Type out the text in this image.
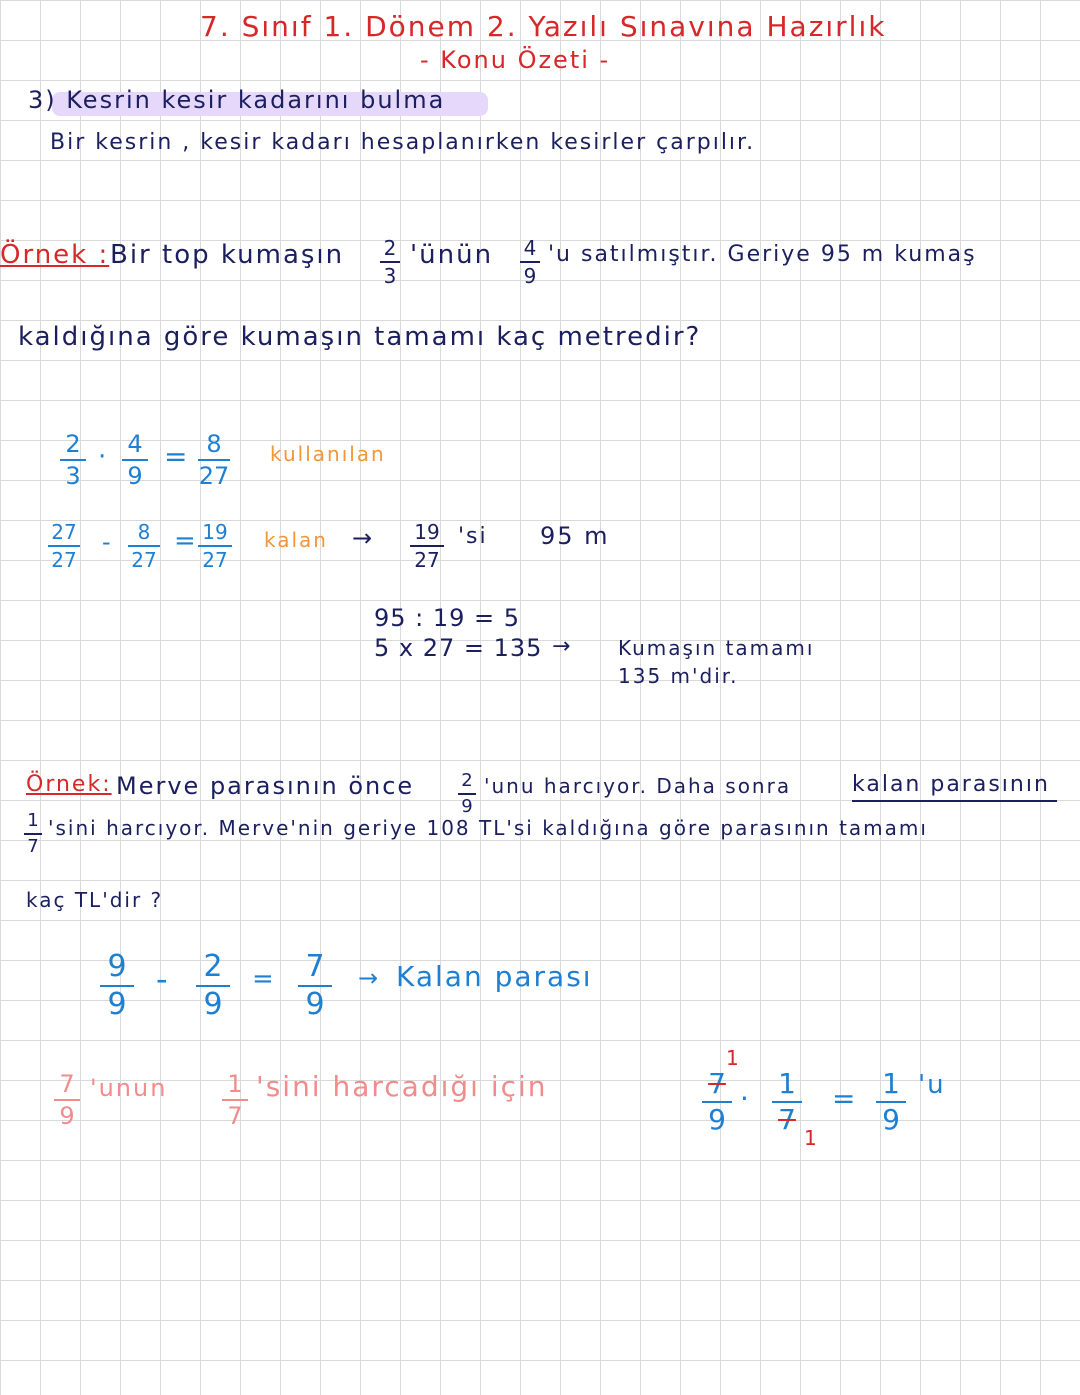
7. Sınıf 1. Dönem 2. Yazılı Sınavına Hazırlık
- Konu Özeti -
3) Kesrin kesir kadarını bulma
Bir kesrin , kesir kadarı hesaplanırken kesirler çarpılır.
Örnek : Bir top kumaşın 2
3
'ünün 4
9
'u satılmıştır. Geriye 95 m kumaş
kaldığına göre kumaşın tamamı kaç metredir?
2
3
· 4
9
= 8
27
kullanılan
27
27
- 8
27
= 19
27
kalan → 19
27
'si 95 m
95 : 19 = 5
5 x 27 = 135 → Kumaşın tamamı
135 m'dir.
Örnek: Merve parasının önce	2
9
'unu harcıyor. Daha sonra	kalan parasının
1
7
'sini harcıyor. Merve'nin geriye 108 TL'si kaldığına göre parasının tamamı
kaç TL'dir ?
9
9
- 2
9
= 7
9
→ Kalan parası
7
9
'unun 1
7
'sini harcadığı için
1
7
9
· 1
7
1
= 1
9
'u
